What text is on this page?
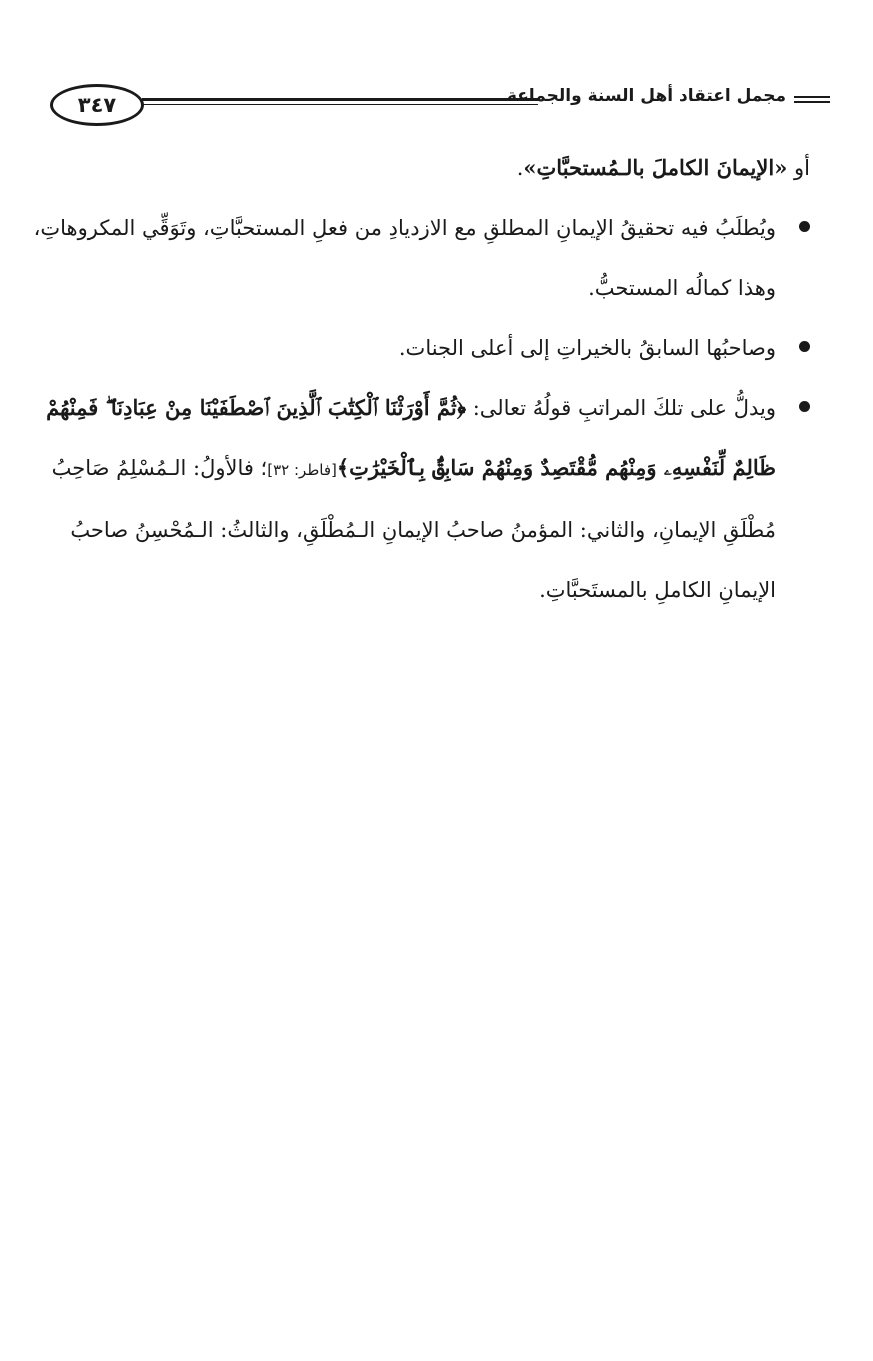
٣٤٧	مجمل اعتقاد أهل السنة والجماعة

أو «الإيمانَ الكاملَ بالـمُستحبَّاتِ».

ويُطلَبُ فيه تحقيقُ الإيمانِ المطلقِ مع الازديادِ من فعلِ المستحبَّاتِ، وتَوَقِّي المكروهاتِ،

وهذا كمالُه المستحبُّ.

وصاحبُها السابقُ بالخيراتِ إلى أعلى الجنات.

ويدلُّ على تلكَ المراتبِ قولُهُ تعالى: ﴿ثُمَّ أَوْرَثْنَا ٱلْكِتَٰبَ ٱلَّذِينَ ٱصْطَفَيْنَا مِنْ عِبَادِنَا ۖ فَمِنْهُمْ

ظَالِمٌ لِّنَفْسِهِۦ وَمِنْهُم مُّقْتَصِدٌ وَمِنْهُمْ سَابِقٌۢ بِٱلْخَيْرَٰتِ﴾[فاطر: ٣٢]؛ فالأولُ: الـمُسْلِمُ صَاحِبُ

مُطْلَقِ الإيمانِ، والثاني: المؤمنُ صاحبُ الإيمانِ الـمُطْلَقِ، والثالثُ: الـمُحْسِنُ صاحبُ

الإيمانِ الكاملِ بالمستَحبَّاتِ.
